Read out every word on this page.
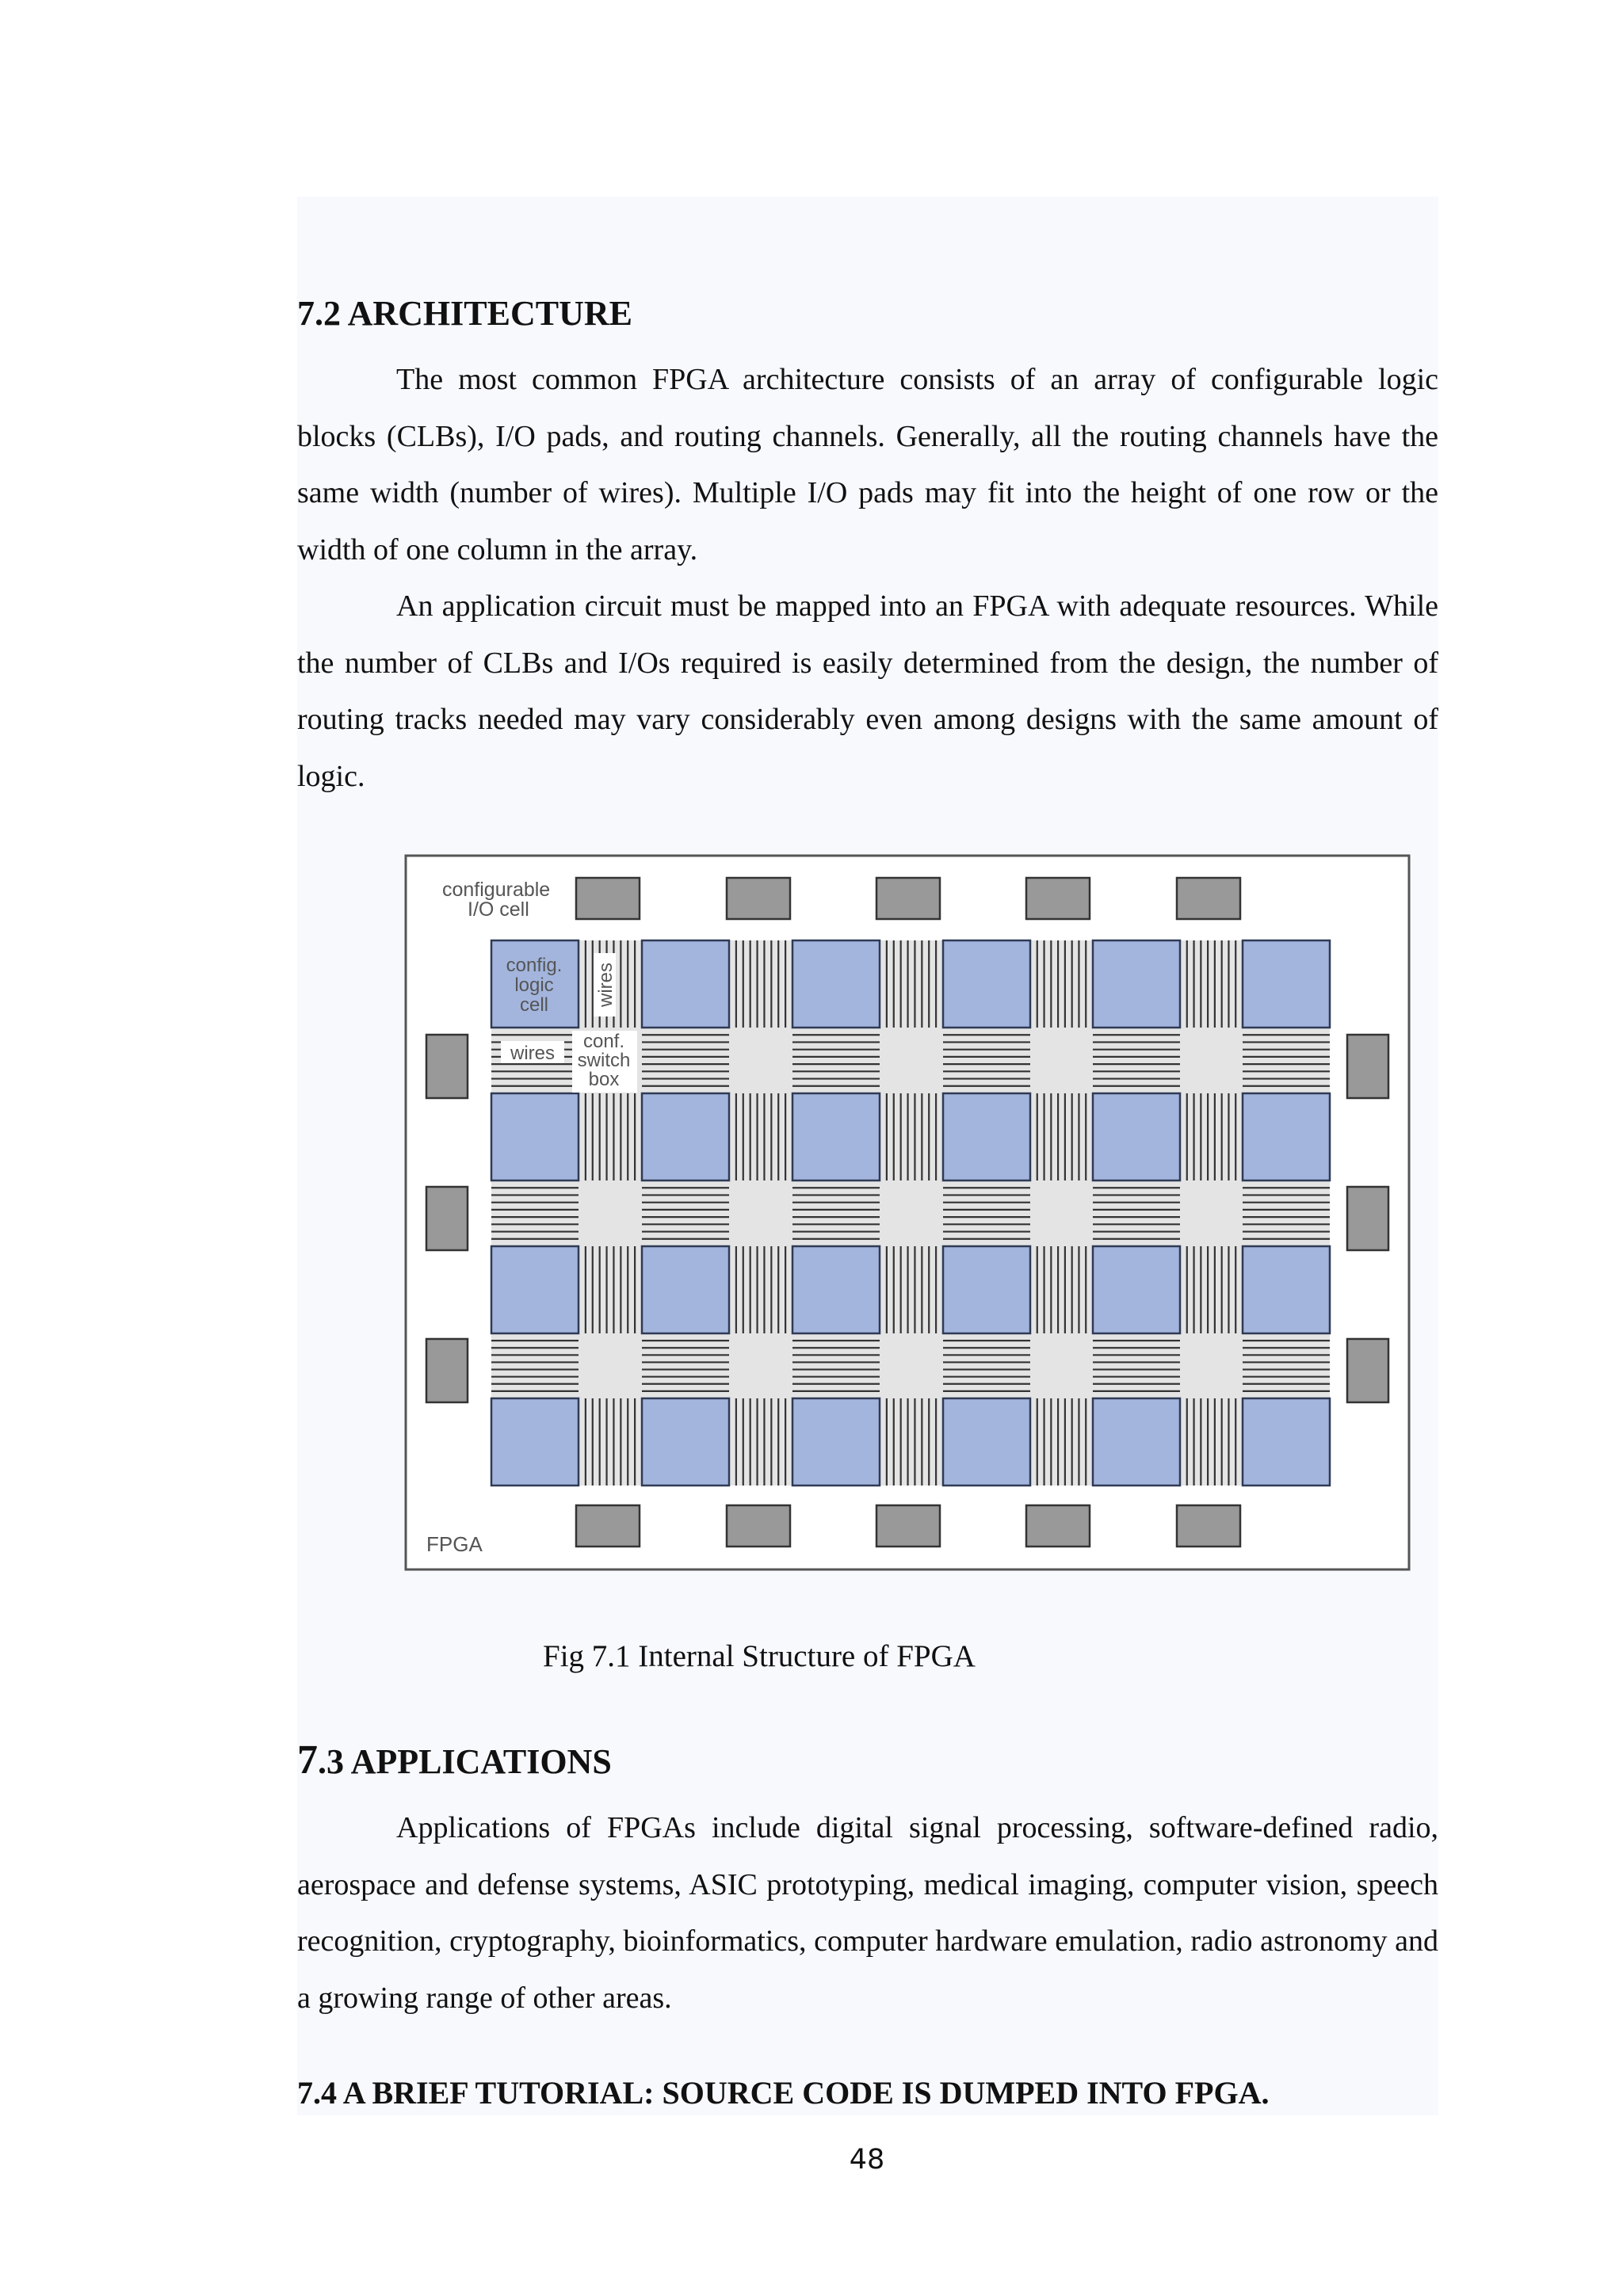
7.2 ARCHITECTURE

The most common FPGA architecture consists of an array of configurable logic blocks (CLBs), I/O pads, and routing channels. Generally, all the routing channels have the same width (number of wires). Multiple I/O pads may fit into the height of one row or the width of one column in the array.

An application circuit must be mapped into an FPGA with adequate resources. While the number of CLBs and I/Os required is easily determined from the design, the number of routing tracks needed may vary considerably even among designs with the same amount of logic.

configurable
I/O cell
config.
logic
cell wires
wires
conf.
switch
box
FPGA
Fig 7.1 Internal Structure of FPGA
7.3 APPLICATIONS

Applications of FPGAs include digital signal processing, software-defined radio, aerospace and defense systems, ASIC prototyping, medical imaging, computer vision, speech recognition, cryptography, bioinformatics, computer hardware emulation, radio astronomy and a growing range of other areas.

7.4 A BRIEF TUTORIAL: SOURCE CODE IS DUMPED INTO FPGA.
48
